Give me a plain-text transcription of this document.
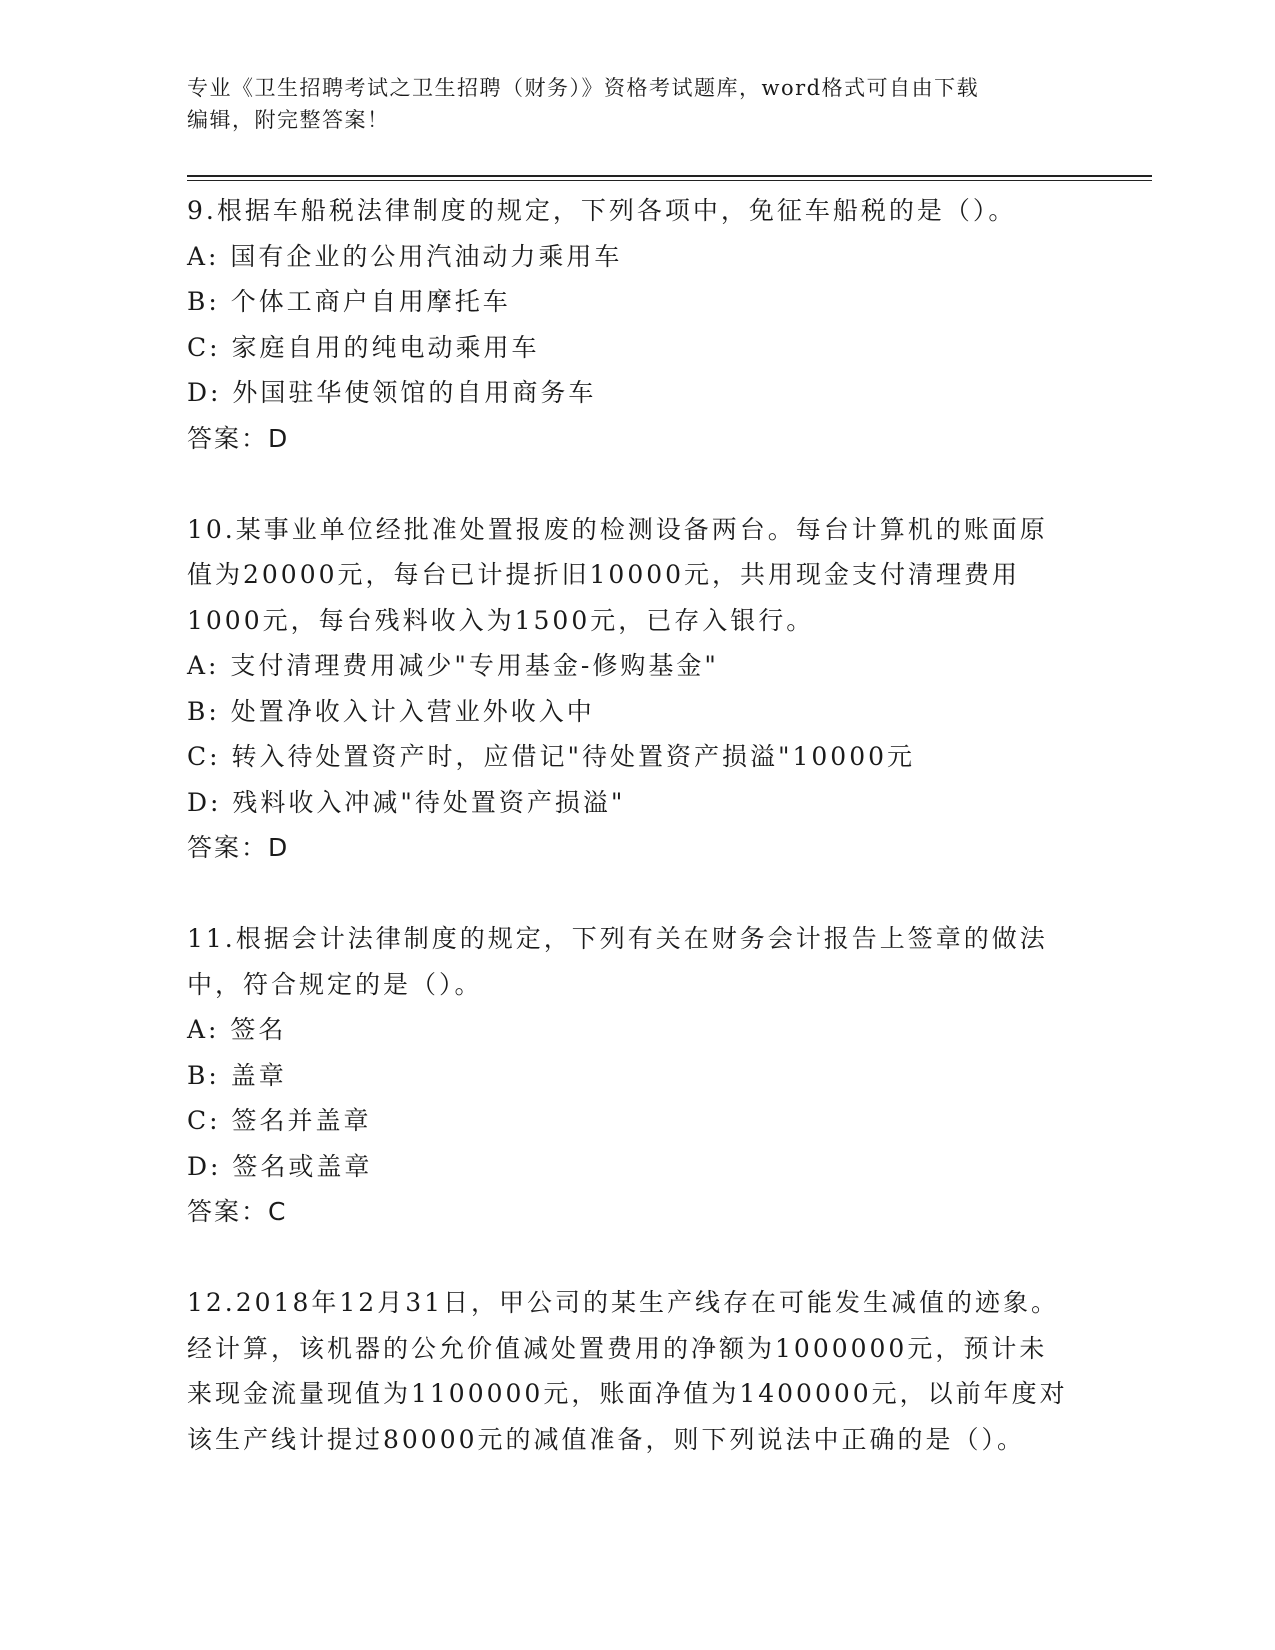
专业《卫生招聘考试之卫生招聘（财务）》资格考试题库，word格式可自由下载
编辑，附完整答案！

9.根据车船税法律制度的规定，下列各项中，免征车船税的是（）。

A: 国有企业的公用汽油动力乘用车

B: 个体工商户自用摩托车

C: 家庭自用的纯电动乘用车

D: 外国驻华使领馆的自用商务车

答案：D

10.某事业单位经批准处置报废的检测设备两台。每台计算机的账面原

值为20000元，每台已计提折旧10000元，共用现金支付清理费用

1000元，每台残料收入为1500元，已存入银行。

A: 支付清理费用减少"专用基金-修购基金"

B: 处置净收入计入营业外收入中

C: 转入待处置资产时，应借记"待处置资产损溢"10000元

D: 残料收入冲减"待处置资产损溢"

答案：D

11.根据会计法律制度的规定，下列有关在财务会计报告上签章的做法

中，符合规定的是（）。

A: 签名

B: 盖章

C: 签名并盖章

D: 签名或盖章

答案：C

12.2018年12月31日，甲公司的某生产线存在可能发生减值的迹象。

经计算，该机器的公允价值减处置费用的净额为1000000元，预计未

来现金流量现值为1100000元，账面净值为1400000元，以前年度对

该生产线计提过80000元的减值准备，则下列说法中正确的是（）。
